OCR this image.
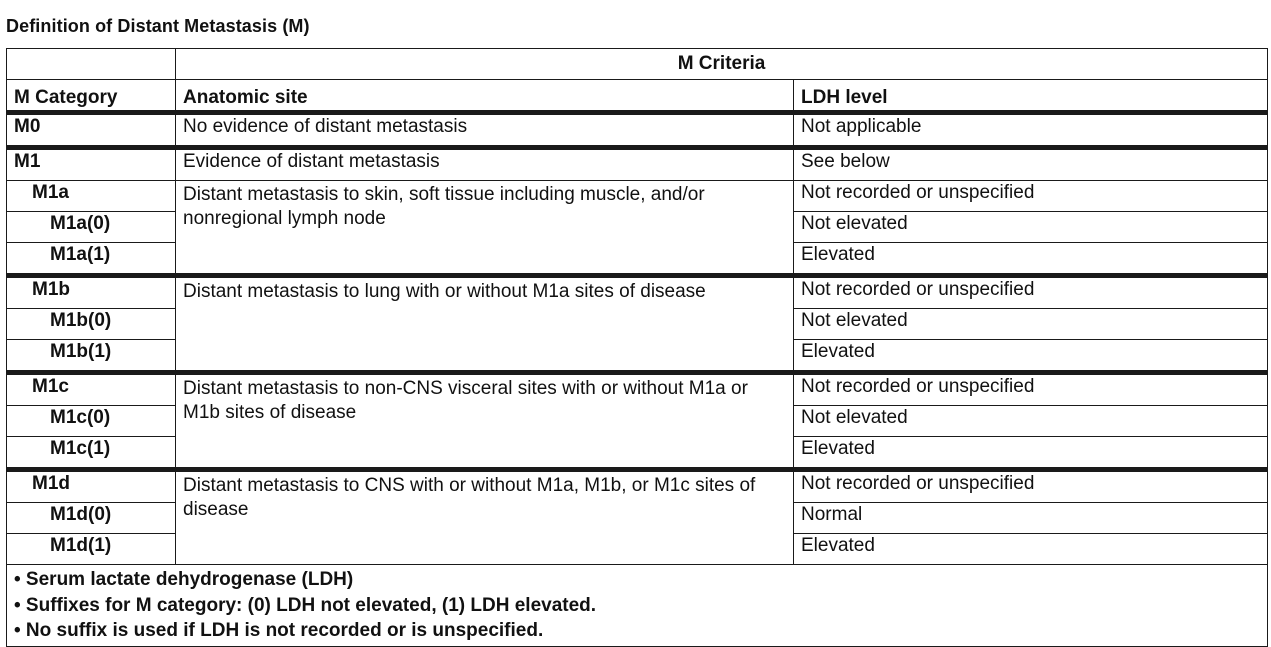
Definition of Distant Metastasis (M)
	M Criteria	
M Category	Anatomic site	LDH level
M0	No evidence of distant metastasis	Not applicable
M1	Evidence of distant metastasis	See below
M1a	Distant metastasis to skin, soft tissue including muscle, and/or nonregional lymph node	Not recorded or unspecified
M1a(0)		Not elevated
M1a(1)		Elevated
M1b	Distant metastasis to lung with or without M1a sites of disease	Not recorded or unspecified
M1b(0)		Not elevated
M1b(1)		Elevated
M1c	Distant metastasis to non-CNS visceral sites with or without M1a or M1b sites of disease	Not recorded or unspecified
M1c(0)		Not elevated
M1c(1)		Elevated
M1d	Distant metastasis to CNS with or without M1a, M1b, or M1c sites of disease	Not recorded or unspecified
M1d(0)		Normal
M1d(1)		Elevated

• Serum lactate dehydrogenase (LDH)
• Suffixes for M category: (0) LDH not elevated, (1) LDH elevated.
• No suffix is used if LDH is not recorded or is unspecified.		
